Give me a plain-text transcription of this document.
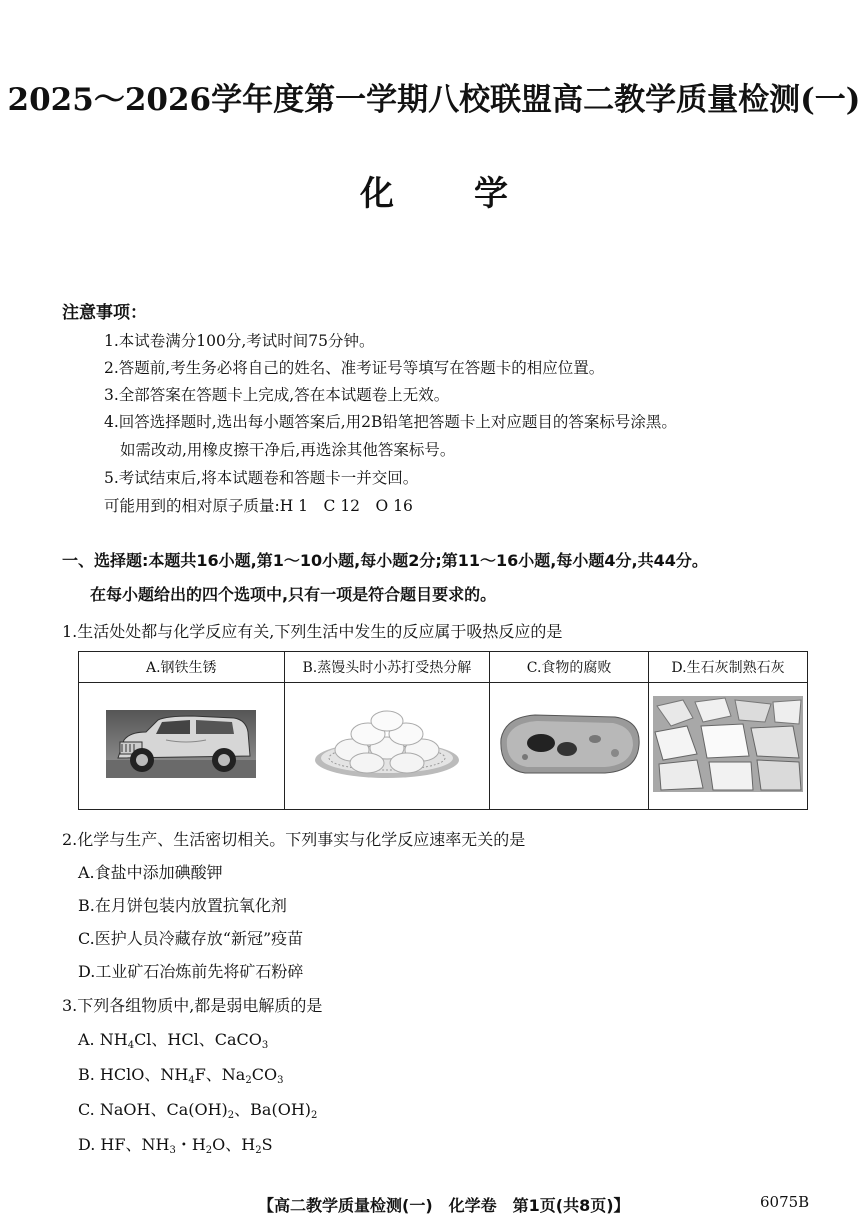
2025～2026学年度第一学期八校联盟高二教学质量检测(一)
化学
注意事项：
1.本试卷满分100分,考试时间75分钟。
2.答题前,考生务必将自己的姓名、准考证号等填写在答题卡的相应位置。
3.全部答案在答题卡上完成,答在本试题卷上无效。
4.回答选择题时,选出每小题答案后,用2B铅笔把答题卡上对应题目的答案标号涂黑。
如需改动,用橡皮擦干净后,再选涂其他答案标号。
5.考试结束后,将本试题卷和答题卡一并交回。
可能用到的相对原子质量:H 1　C 12　O 16
一、选择题:本题共16小题,第1～10小题,每小题2分;第11～16小题,每小题4分,共44分。
在每小题给出的四个选项中,只有一项是符合题目要求的。
1.生活处处都与化学反应有关,下列生活中发生的反应属于吸热反应的是
A.钢铁生锈	B.蒸馒头时小苏打受热分解	C.食物的腐败	D.生石灰制熟石灰

2.化学与生产、生活密切相关。下列事实与化学反应速率无关的是
A.食盐中添加碘酸钾
B.在月饼包装内放置抗氧化剂
C.医护人员冷藏存放“新冠”疫苗
D.工业矿石冶炼前先将矿石粉碎
3.下列各组物质中,都是弱电解质的是
A. $NH_4Cl$、HCl、CaCO$_3$
B. HClO、$NH_4F$、$Na_2CO_3$
C. NaOH、$Ca(OH)_2$、$Ba(OH)_2$
D. HF、$NH_3$・$H_2O$、$H_2S$
【高二教学质量检测(一)　化学卷　第1页(共8页)】	6075B
